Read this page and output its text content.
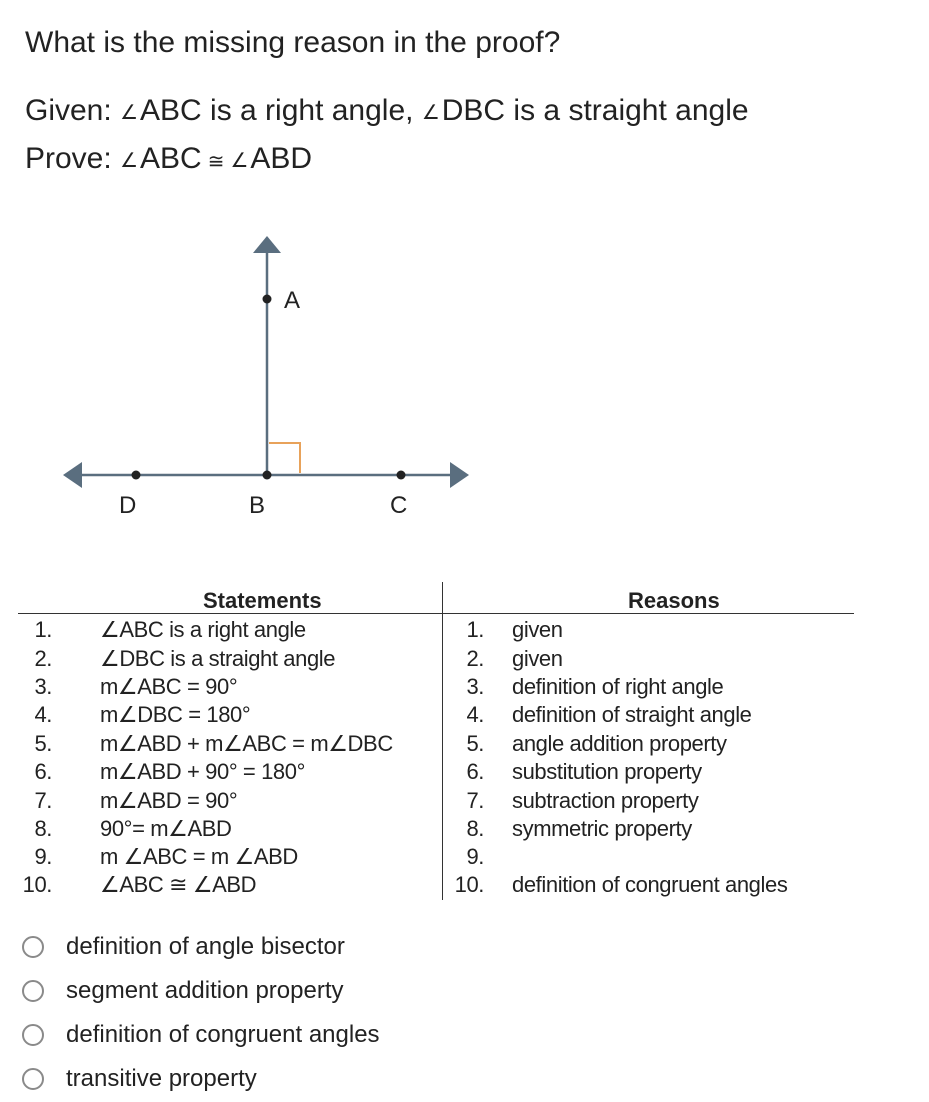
What is the missing reason in the proof?
Given: ∠ABC is a right angle, ∠DBC is a straight angle
Prove: ∠ABC ≅ ∠ABD
A
D	B	C
Statements	Reasons
1. ∠ABC is a right angle	1. given
2. ∠DBC is a straight angle	2. given
3. m∠ABC = 90°	3. definition of right angle
4. m∠DBC = 180°	4. definition of straight angle
5. m∠ABD + m∠ABC = m∠DBC	5. angle addition property
6. m∠ABD + 90° = 180°	6. substitution property
7. m∠ABD = 90°	7. subtraction property
8. 90°= m∠ABD	8. symmetric property
9. m ∠ABC = m ∠ABD	9.
10. ∠ABC ≅ ∠ABD	10. definition of congruent angles
definition of angle bisector
segment addition property
definition of congruent angles
transitive property
